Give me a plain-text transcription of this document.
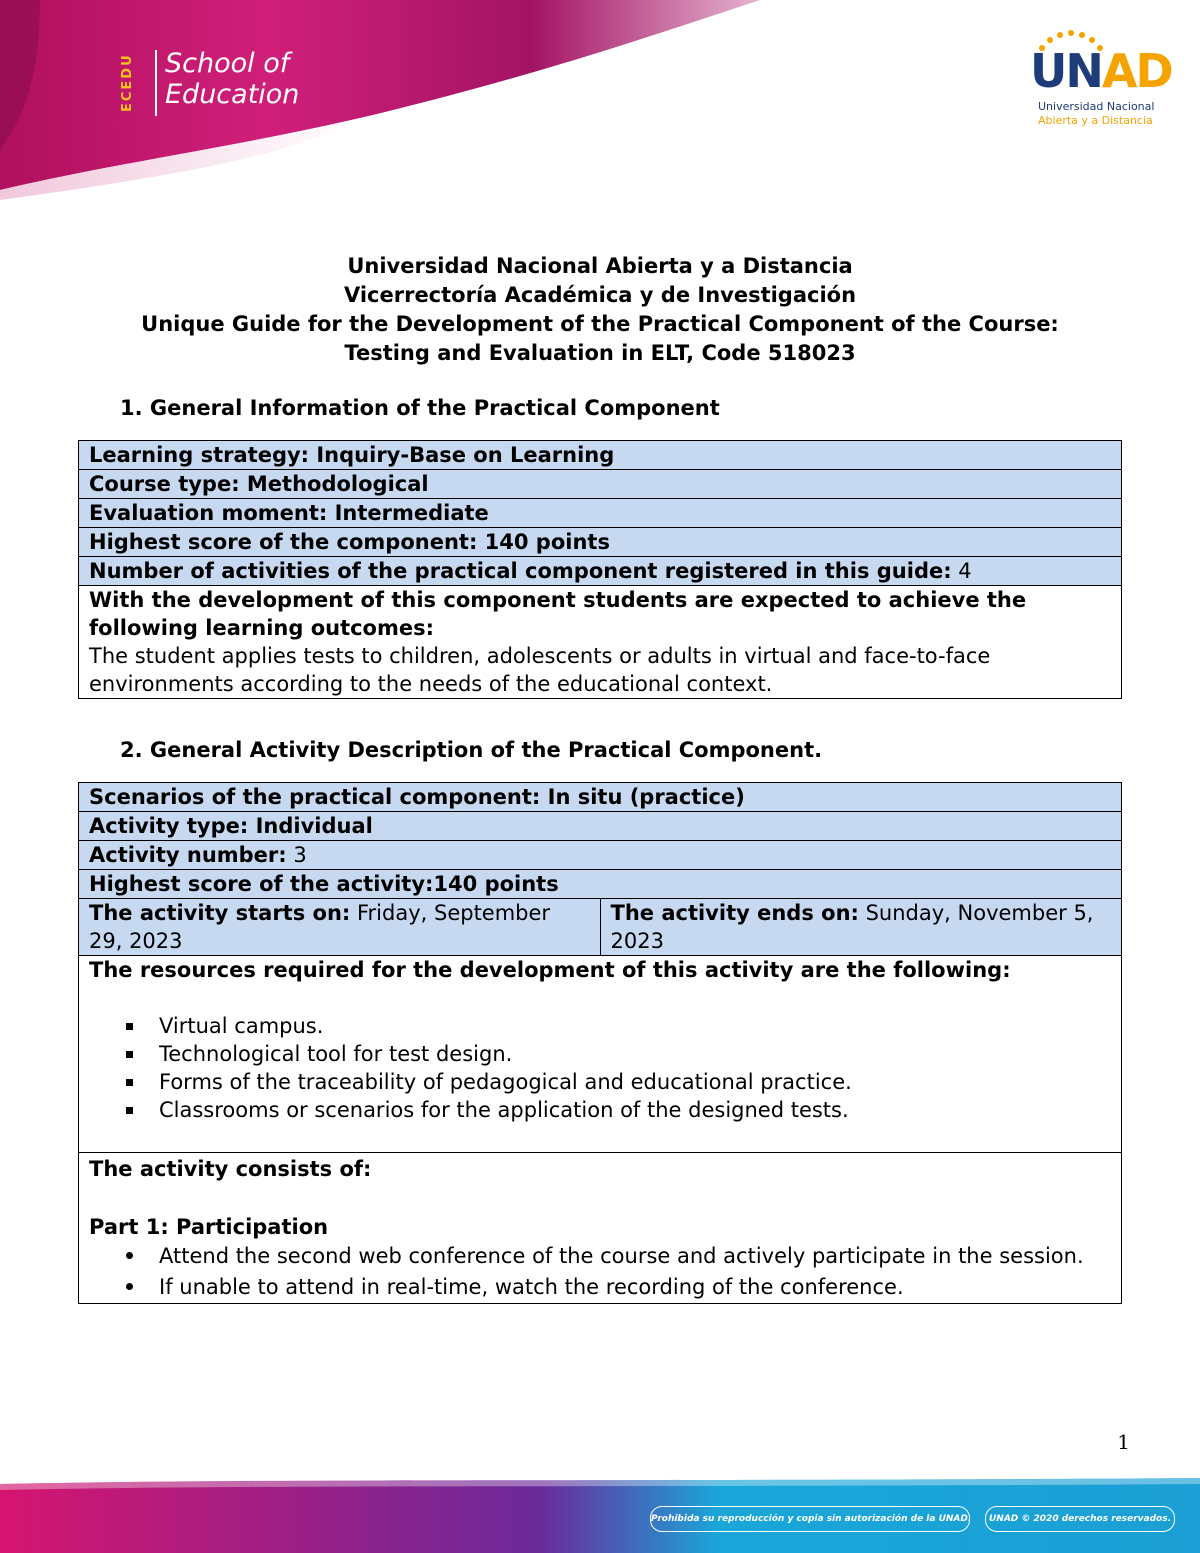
ECEDU	School of
Education	UNAD
Universidad Nacional
Abierta y a Distancia
Universidad Nacional Abierta y a Distancia
Vicerrectoría Académica y de Investigación
Unique Guide for the Development of the Practical Component of the Course:
Testing and Evaluation in ELT, Code 518023
1. General Information of the Practical Component
Learning strategy: Inquiry-Base on Learning
Course type: Methodological
Evaluation moment: Intermediate
Highest score of the component: 140 points
Number of activities of the practical component registered in this guide: 4

With the development of this component students are expected to achieve the following learning outcomes:
The student applies tests to children, adolescents or adults in virtual and face-to-face environments according to the needs of the educational context.
2. General Activity Description of the Practical Component.
Scenarios of the practical component: In situ (practice)
Activity type: Individual
Activity number: 3
Highest score of the activity:140 points
The activity starts on: Friday, September 29, 2023	The activity ends on: Sunday, November 5, 2023

The resources required for the development of this activity are the following:
Virtual campus.
Technological tool for test design.
Forms of the traceability of pedagogical and educational practice.
Classrooms or scenarios for the application of the designed tests.

The activity consists of:
Part 1: Participation
Attend the second web conference of the course and actively participate in the session.
If unable to attend in real-time, watch the recording of the conference.
1
Prohibida su reproducción y copia sin autorización de la UNAD.	UNAD © 2020 derechos reservados.
